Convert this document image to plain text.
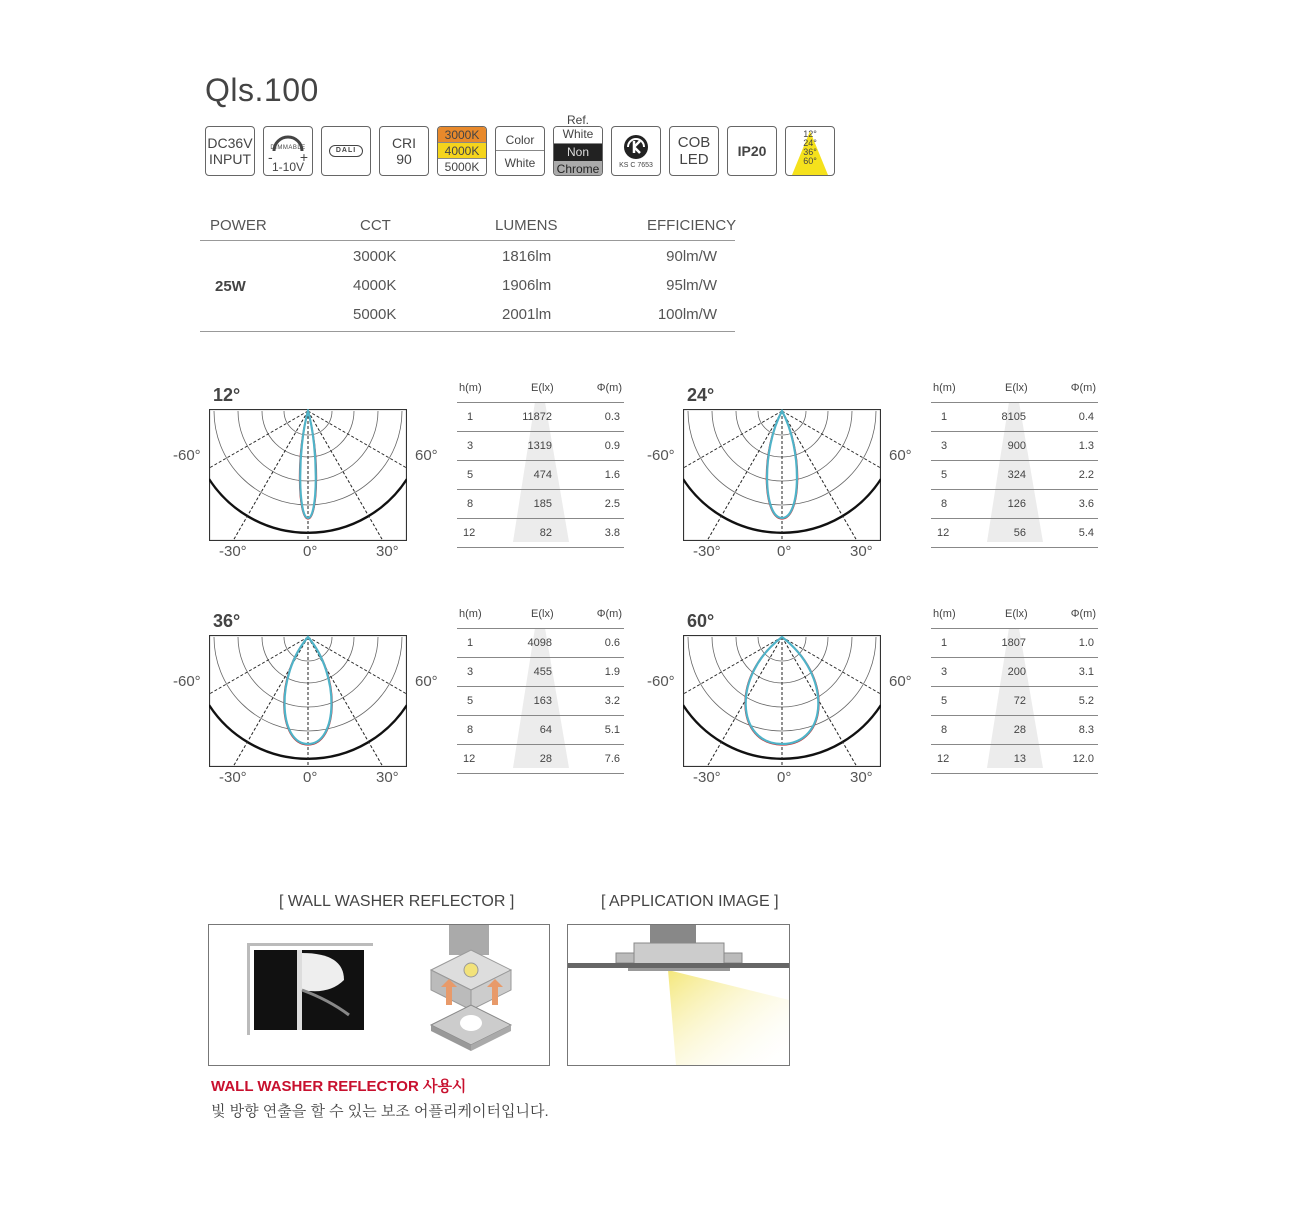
Qls.100
DC36V
INPUT
DIMMABLE
- +
1-10V
DALI	CRI
90
3000K
4000K
5000K
Color
White
Ref.
White
Non
Chrome	KS C 7653
COB
LED IP20
12°
24°
36°
60°
POWER	CCT	LUMENS	EFFICIENCY
25W
3000K	1816lm	90lm/W
4000K	1906lm	95lm/W
5000K	2001lm	100lm/W
12°
-60°	60°
-30°	0°	30°
h(m)	E(lx)	Φ(m)
1	11872	0.3
3	1319	0.9
5	474	1.6
8	185	2.5
12	82	3.8
24°
-60°	60°
-30°	0°	30°
h(m)	E(lx)	Φ(m)
1	8105	0.4
3	900	1.3
5	324	2.2
8	126	3.6
12	56	5.4
36°
-60°	60°
-30°	0°	30°
h(m)	E(lx)	Φ(m)
1	4098	0.6
3	455	1.9
5	163	3.2
8	64	5.1
12	28	7.6
60°
-60°	60°
-30°	0°	30°
h(m)	E(lx)	Φ(m)
1	1807	1.0
3	200	3.1
5	72	5.2
8	28	8.3
12	13	12.0
[ WALL WASHER REFLECTOR ]	[ APPLICATION IMAGE ]
WALL WASHER REFLECTOR 사용시
빛 방향 연출을 할 수 있는 보조 어플리케이터입니다.
